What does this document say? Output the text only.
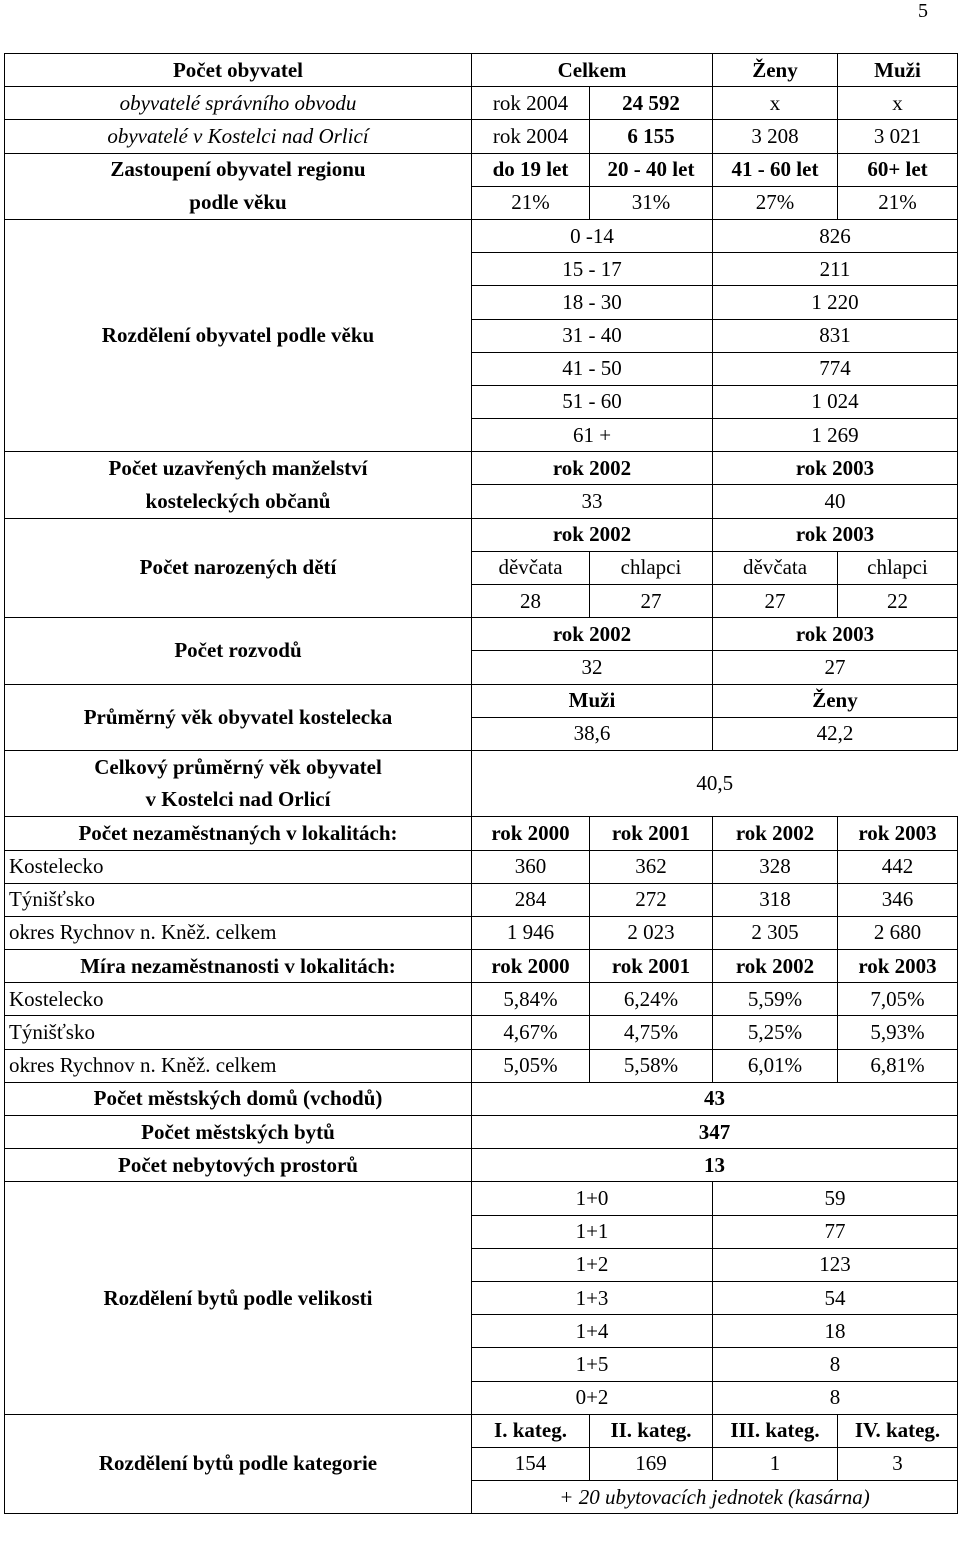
5
Počet obyvatel	Celkem		Ženy	Muži
obyvatelé správního obvodu	rok 2004	24 592	x	x
obyvatelé v Kostelci nad Orlicí	rok 2004	6 155	3 208	3 021
Zastoupení obyvatel regionu	do 19 let	20 - 40 let	41 - 60 let	60+ let
podle věku	21%	31%	27%	21%
Rozdělení obyvatel podle věku	0 -14		826	
	15 - 17		211	
	18 - 30		1 220	
	31 - 40		831	
	41 - 50		774	
	51 - 60		1 024	
	61 +		1 269	
Počet uzavřených manželství	rok 2002		rok 2003	
kosteleckých občanů	33		40	
Počet narozených dětí	rok 2002		rok 2003	
	děvčata	chlapci	děvčata	chlapci
	28	27	27	22
Počet rozvodů	rok 2002		rok 2003	
	32		27	
Průměrný věk obyvatel kostelecka	Muži		Ženy	
	38,6		42,2	
Celkový průměrný věk obyvatel	40,5			
v Kostelci nad Orlicí				
Počet nezaměstnaných v lokalitách:	rok 2000	rok 2001	rok 2002	rok 2003
Kostelecko	360	362	328	442
Týnišťsko	284	272	318	346
okres Rychnov n. Kněž. celkem	1 946	2 023	2 305	2 680
Míra nezaměstnanosti v lokalitách:	rok 2000	rok 2001	rok 2002	rok 2003
Kostelecko	5,84%	6,24%	5,59%	7,05%
Týnišťsko	4,67%	4,75%	5,25%	5,93%
okres Rychnov n. Kněž. celkem	5,05%	5,58%	6,01%	6,81%
Počet městských domů (vchodů)	43			
Počet městských bytů	347			
Počet nebytových prostorů	13			
Rozdělení bytů podle velikosti	1+0		59	
	1+1		77	
	1+2		123	
	1+3		54	
	1+4		18	
	1+5		8	
	0+2		8	
Rozdělení bytů podle kategorie	I. kateg.	II. kateg.	III. kateg.	IV. kateg.
	154	169	1	3
	+ 20 ubytovacích jednotek (kasárna)			
